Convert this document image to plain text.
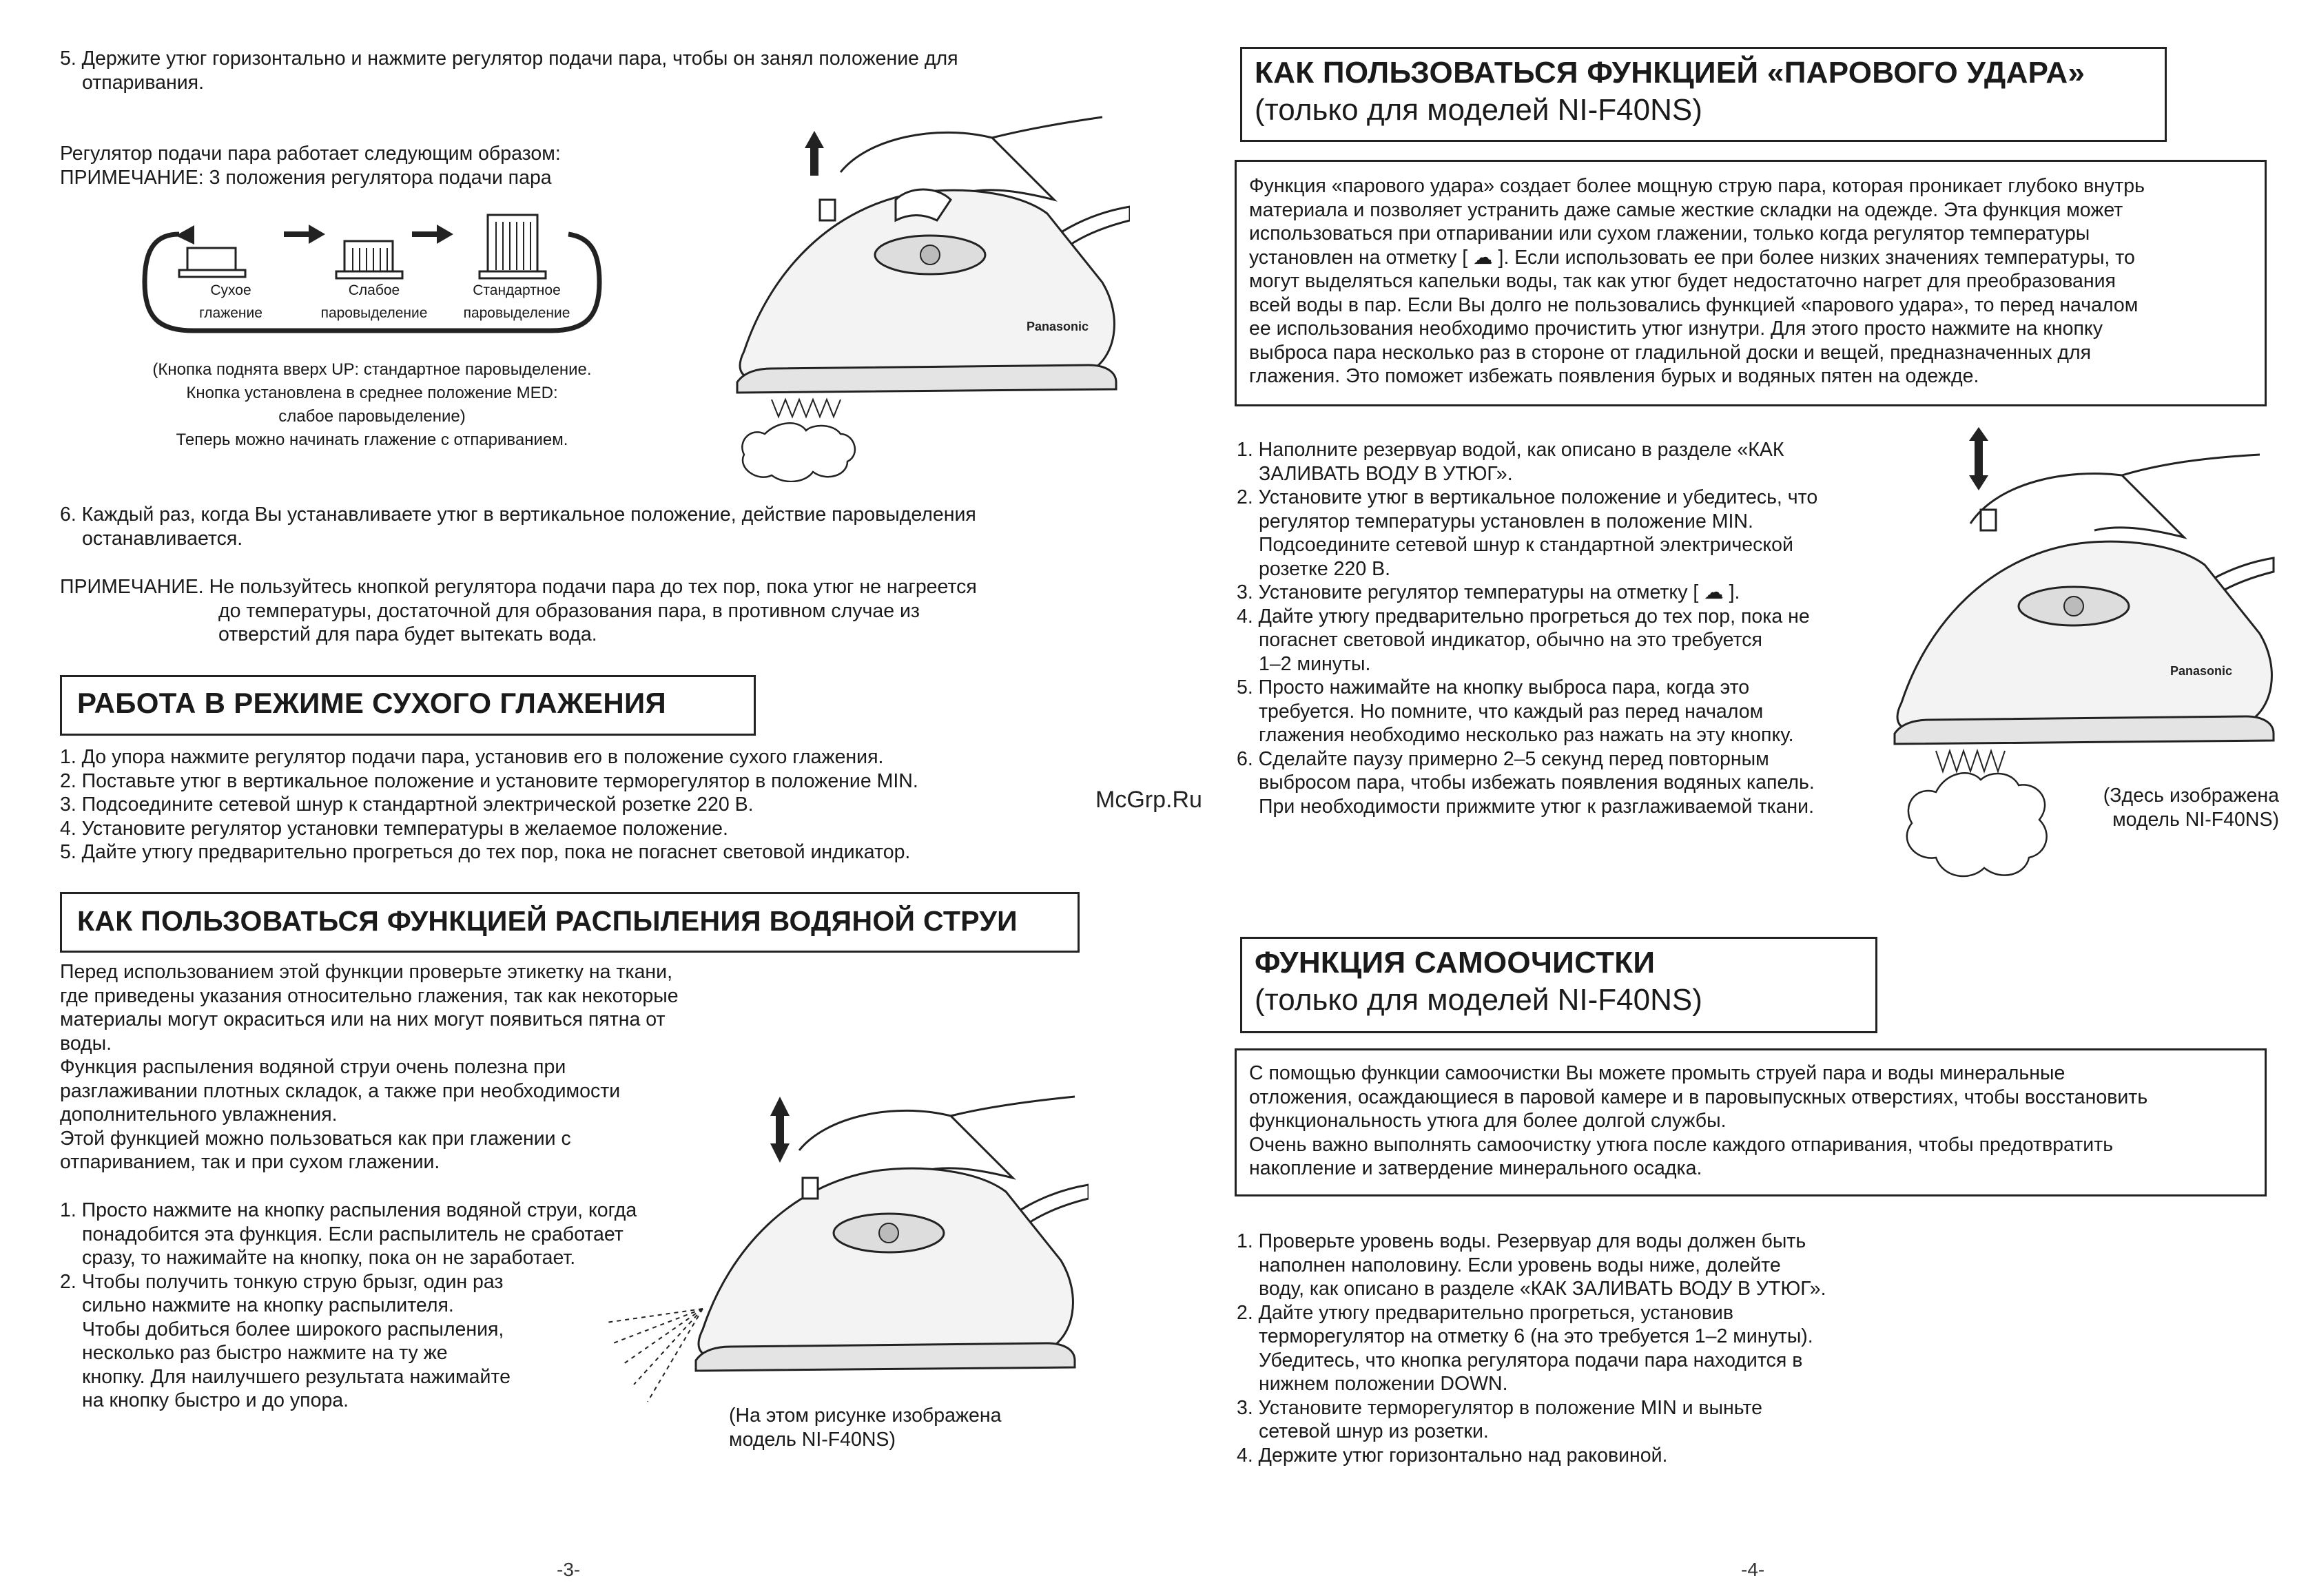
5. Держите утюг горизонтально и нажмите регулятор подачи пара, чтобы он занял положение для
отпаривания.
Регулятор подачи пара работает следующим образом:
ПРИМЕЧАНИЕ: 3 положения регулятора подачи пара
Сухое
глажение
Слабое
паровыделение
Стандартное
паровыделение
(Кнопка поднята вверх UP: стандартное паровыделение.
Кнопка установлена в среднее положение MED:
слабое паровыделение)
Теперь можно начинать глажение с отпариванием.
Panasonic
6. Каждый раз, когда Вы устанавливаете утюг в вертикальное положение, действие паровыделения
останавливается.
ПРИМЕЧАНИЕ. Не пользуйтесь кнопкой регулятора подачи пара до тех пор, пока утюг не нагреется
до температуры, достаточной для образования пара, в противном случае из
отверстий для пара будет вытекать вода.
РАБОТА В РЕЖИМЕ СУХОГО ГЛАЖЕНИЯ
1. До упора нажмите регулятор подачи пара, установив его в положение сухого глажения.
2. Поставьте утюг в вертикальное положение и установите терморегулятор в положение MIN.
3. Подсоедините сетевой шнур к стандартной электрической розетке 220 В.
4. Установите регулятор установки температуры в желаемое положение.
5. Дайте утюгу предварительно прогреться до тех пор, пока не погаснет световой индикатор.
КАК ПОЛЬЗОВАТЬСЯ ФУНКЦИЕЙ РАСПЫЛЕНИЯ ВОДЯНОЙ СТРУИ
Перед использованием этой функции проверьте этикетку на ткани,
где приведены указания относительно глажения, так как некоторые
материалы могут окраситься или на них могут появиться пятна от
воды.
Функция распыления водяной струи очень полезна при
разглаживании плотных складок, а также при необходимости
дополнительного увлажнения.
Этой функцией можно пользоваться как при глажении с
отпариванием, так и при сухом глажении.
1. Просто нажмите на кнопку распыления водяной струи, когда
понадобится эта функция. Если распылитель не сработает
сразу, то нажимайте на кнопку, пока он не заработает.
2. Чтобы получить тонкую струю брызг, один раз
сильно нажмите на кнопку распылителя.
Чтобы добиться более широкого распыления,
несколько раз быстро нажмите на ту же
кнопку. Для наилучшего результата нажимайте
на кнопку быстро и до упора.
(На этом рисунке изображена
модель NI-F40NS)
-3-
КАК ПОЛЬЗОВАТЬСЯ ФУНКЦИЕЙ «ПАРОВОГО УДАРА»
(только для моделей NI-F40NS)
Функция «парового удара» создает более мощную струю пара, которая проникает глубоко внутрь
материала и позволяет устранить даже самые жесткие складки на одежде. Эта функция может
использоваться при отпаривании или сухом глажении, только когда регулятор температуры
установлен на отметку [ ☁ ]. Если использовать ее при более низких значениях температуры, то
могут выделяться капельки воды, так как утюг будет недостаточно нагрет для преобразования
всей воды в пар. Если Вы долго не пользовались функцией «парового удара», то перед началом
ее использования необходимо прочистить утюг изнутри. Для этого просто нажмите на кнопку
выброса пара несколько раз в стороне от гладильной доски и вещей, предназначенных для
глажения. Это поможет избежать появления бурых и водяных пятен на одежде.
1. Наполните резервуар водой, как описано в разделе «КАК
ЗАЛИВАТЬ ВОДУ В УТЮГ».
2. Установите утюг в вертикальное положение и убедитесь, что
регулятор температуры установлен в положение MIN.
Подсоедините сетевой шнур к стандартной электрической
розетке 220 В.
3. Установите регулятор температуры на отметку [ ☁ ].
4. Дайте утюгу предварительно прогреться до тех пор, пока не
погаснет световой индикатор, обычно на это требуется
1–2 минуты.
5. Просто нажимайте на кнопку выброса пара, когда это
требуется. Но помните, что каждый раз перед началом
глажения необходимо несколько раз нажать на эту кнопку.
6. Сделайте паузу примерно 2–5 секунд перед повторным
выбросом пара, чтобы избежать появления водяных капель.
При необходимости прижмите утюг к разглаживаемой ткани.
McGrp.Ru
Panasonic
(Здесь изображена
модель NI-F40NS)
ФУНКЦИЯ САМООЧИСТКИ
(только для моделей NI-F40NS)
С помощью функции самоочистки Вы можете промыть струей пара и воды минеральные
отложения, осаждающиеся в паровой камере и в паровыпускных отверстиях, чтобы восстановить
функциональность утюга для более долгой службы.
Очень важно выполнять самоочистку утюга после каждого отпаривания, чтобы предотвратить
накопление и затвердение минерального осадка.
1. Проверьте уровень воды. Резервуар для воды должен быть
наполнен наполовину. Если уровень воды ниже, долейте
воду, как описано в разделе «КАК ЗАЛИВАТЬ ВОДУ В УТЮГ».
2. Дайте утюгу предварительно прогреться, установив
терморегулятор на отметку 6 (на это требуется 1–2 минуты).
Убедитесь, что кнопка регулятора подачи пара находится в
нижнем положении DOWN.
3. Установите терморегулятор в положение MIN и выньте
сетевой шнур из розетки.
4. Держите утюг горизонтально над раковиной.
-4-
